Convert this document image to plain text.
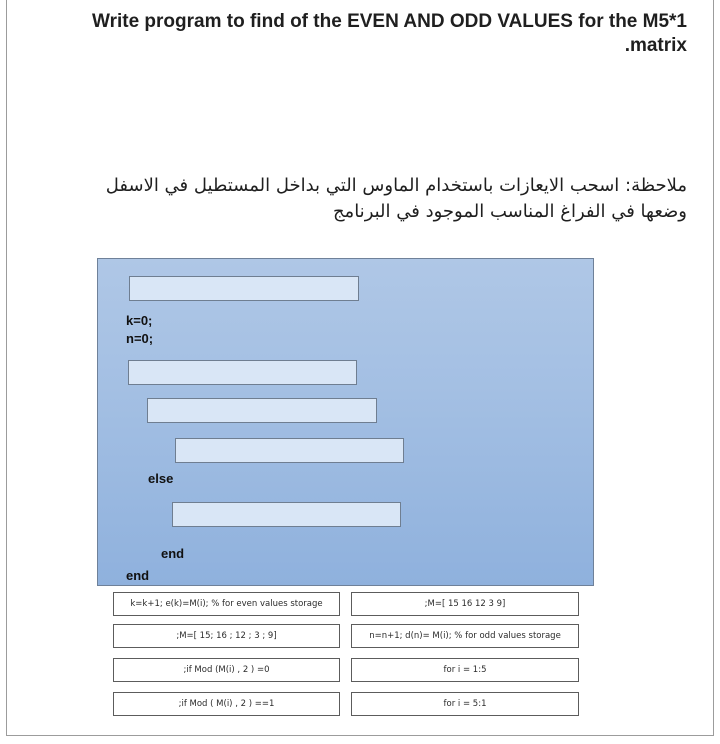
Write program to find of the EVEN AND ODD VALUES for the M5*1
.matrix
ملاحظة: اسحب الايعازات باستخدام الماوس التي بداخل المستطيل في الاسفل
وضعها في الفراغ المناسب الموجود في البرنامج
k=0;
n=0;
else
end
end
k=k+1; e(k)=M(i); % for even values storage	;M=[ 15 16 12 3 9]
;M=[ 15; 16 ; 12 ; 3 ; 9]	n=n+1; d(n)= M(i); % for odd values storage
;if Mod (M(i) , 2 ) =0	for i = 1:5
;if Mod ( M(i) , 2 ) ==1	for i = 5:1
